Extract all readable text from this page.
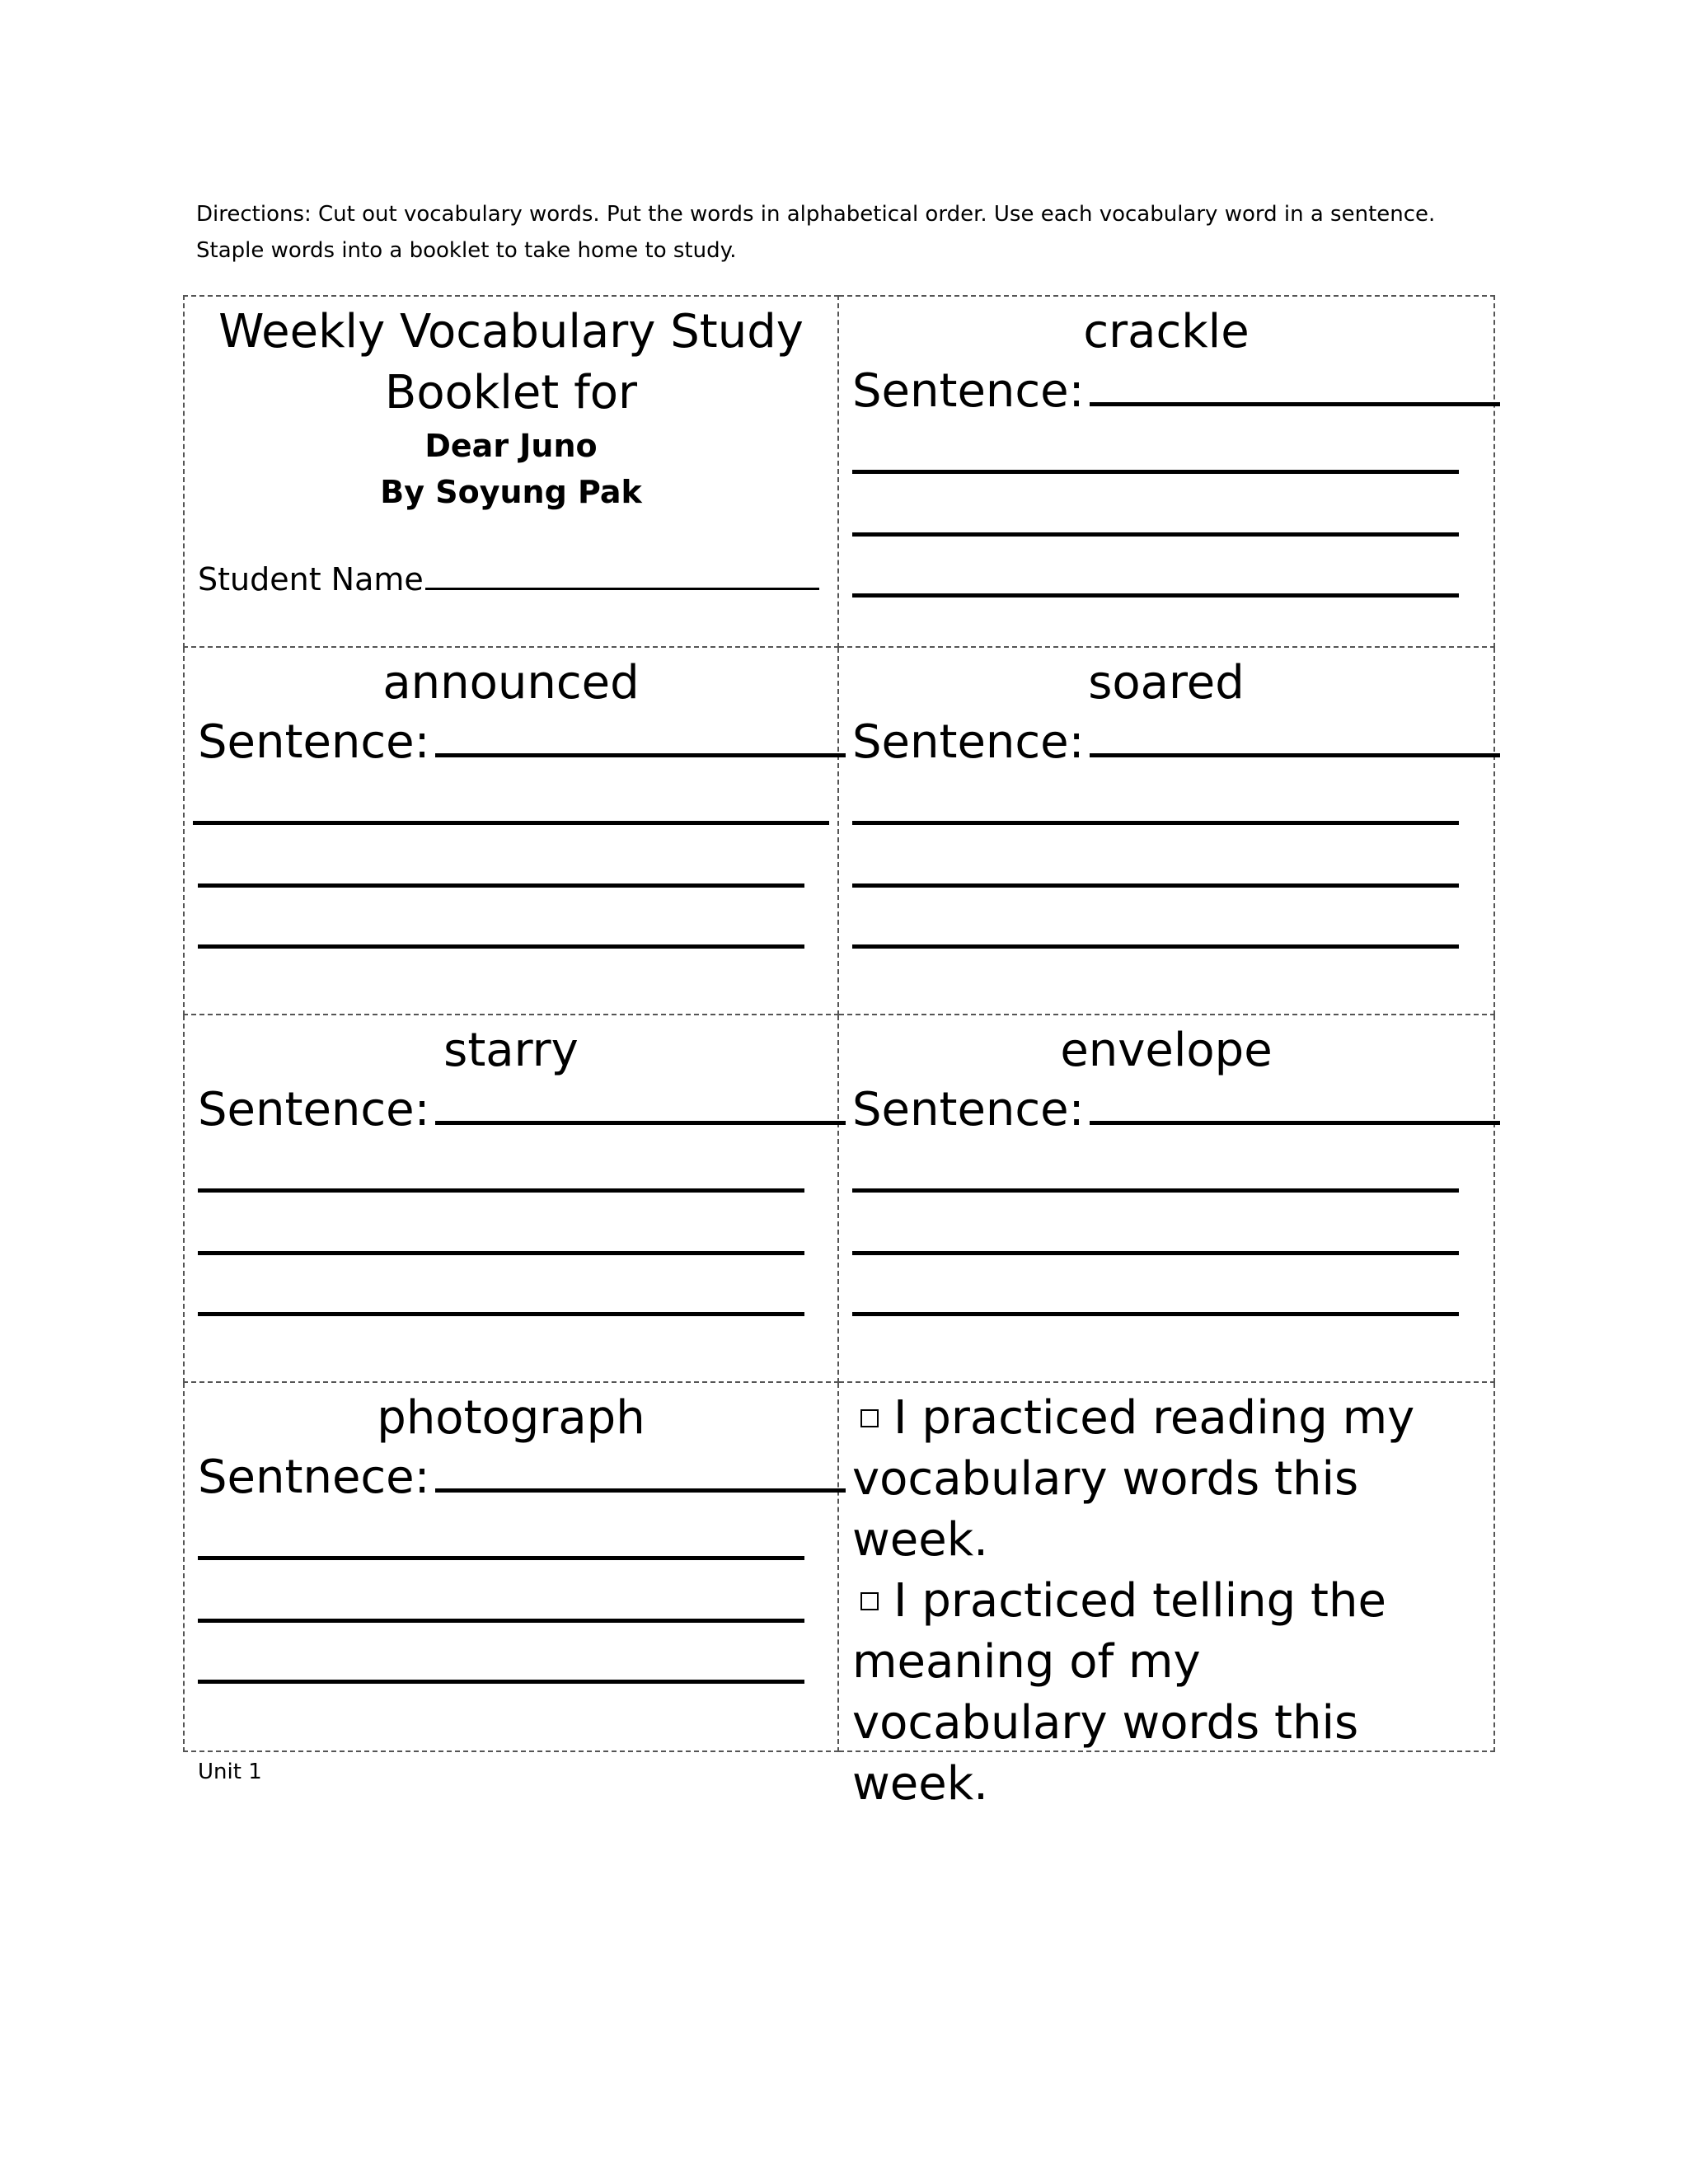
Directions: Cut out vocabulary words. Put the words in alphabetical order. Use each vocabulary word in a sentence. Staple words into a booklet to take home to study.
Weekly Vocabulary Study
Booklet for
Dear Juno
By Soyung Pak
Student Name
crackle
Sentence:
announced
Sentence:
soared
Sentence:
starry
Sentence:
envelope
Sentence:
photograph
Sentnece:
I practiced reading my vocabulary words this week.
I practiced telling the meaning of my vocabulary words this week.
Unit 1
